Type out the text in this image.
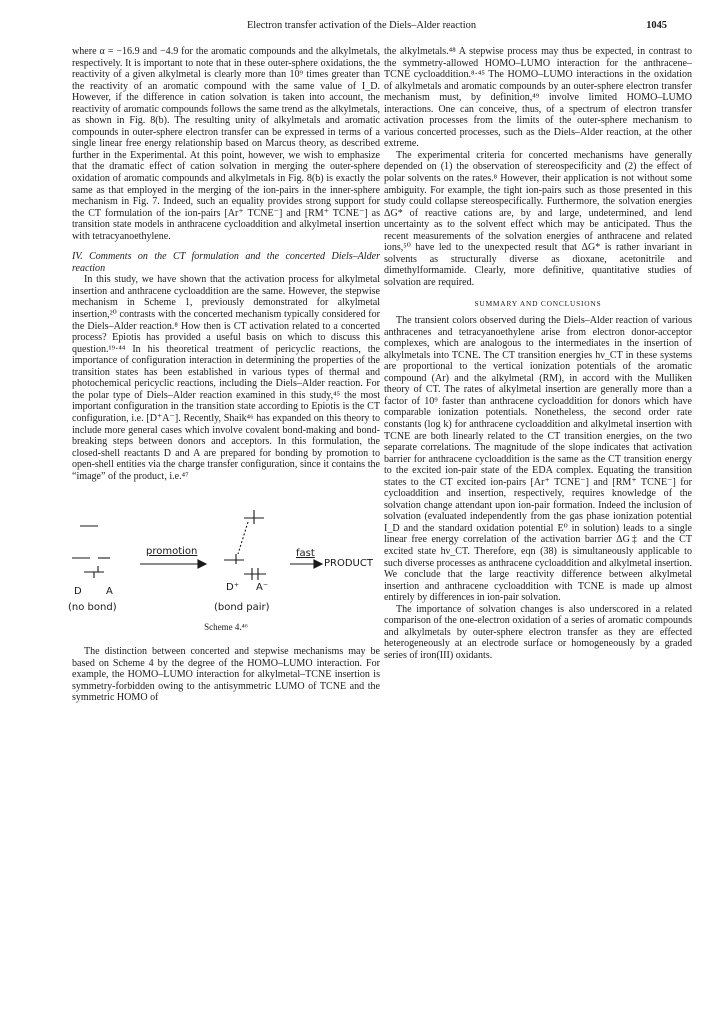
Electron transfer activation of the Diels–Alder reaction	1045

where α = −16.9 and −4.9 for the aromatic compounds and the alkylmetals, respectively. It is important to note that in these outer-sphere oxidations, the reactivity of a given alkylmetal is clearly more than 10⁹ times greater than the reactivity of an aromatic compound with the same value of I_D. However, if the difference in cation solvation is taken into account, the reactivity of aromatic compounds follows the same trend as the alkylmetals, as shown in Fig. 8(b). The resulting unity of alkylmetals and aromatic compounds in outer-sphere electron transfer can be expressed in terms of a single linear free energy relationship based on Marcus theory, as described further in the Experimental. At this point, however, we wish to emphasize that the dramatic effect of cation solvation in merging the outer-sphere oxidation of aromatic compounds and alkylmetals in Fig. 8(b) is exactly the same as that employed in the merging of the ion-pairs in the inner-sphere mechanism in Fig. 7. Indeed, such an equality provides strong support for the CT formulation of the ion-pairs [Ar⁺ TCNE⁻] and [RM⁺ TCNE⁻] as transition state models in anthracene cycloaddition and alkylmetal insertion with tetracyanoethylene.

IV. Comments on the CT formulation and the concerted Diels–Alder reaction

In this study, we have shown that the activation process for alkylmetal insertion and anthracene cycloaddition are the same. However, the stepwise mechanism in Scheme 1, previously demonstrated for alkylmetal insertion,²⁰ contrasts with the concerted mechanism typically considered for the Diels–Alder reaction.⁸ How then is CT activation related to a concerted process? Epiotis has provided a useful basis on which to discuss this question.¹⁹·⁴⁴ In his theoretical treatment of pericyclic reactions, the importance of configuration interaction in determining the properties of the transition states has been established in various types of thermal and photochemical pericyclic reactions, including the Diels–Alder reaction. For the polar type of Diels–Alder reaction examined in this study,⁴⁵ the most important configuration in the transition state according to Epiotis is the CT configuration, i.e. [D⁺A⁻]. Recently, Shaik⁴⁶ has expanded on this theory to include more general cases which involve covalent bond-making and bond-breaking steps between donors and acceptors. In this formulation, the closed-shell reactants D and A are prepared for bonding by promotion to open-shell entities via the charge transfer configuration, since it contains the “image” of the product, i.e.⁴⁷

promotion	fast
PRODUCT
D A	D⁺ A⁻
(no bond)	(bond pair)
Scheme 4.⁴⁶

The distinction between concerted and stepwise mechanisms may be based on Scheme 4 by the degree of the HOMO–LUMO interaction. For example, the HOMO–LUMO interaction for alkylmetal–TCNE insertion is symmetry-forbidden owing to the antisymmetric LUMO of TCNE and the symmetric HOMO of

the alkylmetals.⁴⁸ A stepwise process may thus be expected, in contrast to the symmetry-allowed HOMO–LUMO interaction for the anthracene–TCNE cycloaddition.⁸·⁴⁵ The HOMO–LUMO interactions in the oxidation of alkylmetals and aromatic compounds by an outer-sphere electron transfer mechanism must, by definition,⁴⁹ involve limited HOMO–LUMO interactions. One can conceive, thus, of a spectrum of electron transfer activation processes from the limits of the outer-sphere mechanism to various concerted processes, such as the Diels–Alder reaction, at the other extreme.

The experimental criteria for concerted mechanisms have generally depended on (1) the observation of stereospecificity and (2) the effect of polar solvents on the rates.⁸ However, their application is not without some ambiguity. For example, the tight ion-pairs such as those presented in this study could collapse stereospecifically. Furthermore, the solvation energies ΔG* of reactive cations are, by and large, undetermined, and lend uncertainty as to the solvent effect which may be anticipated. Thus the recent measurements of the solvation energies of anthracene and related ions,⁵⁰ have led to the unexpected result that ΔG* is rather invariant in solvents as structurally diverse as dioxane, acetonitrile and dimethylformamide. Clearly, more definitive, quantitative studies of solvation are required.

SUMMARY AND CONCLUSIONS

The transient colors observed during the Diels–Alder reaction of various anthracenes and tetracyanoethylene arise from electron donor-acceptor complexes, which are analogous to the intermediates in the insertion of alkylmetals into TCNE. The CT transition energies hν_CT in these systems are proportional to the vertical ionization potentials of the aromatic compound (Ar) and the alkylmetal (RM), in accord with the Mulliken theory of CT. The rates of alkylmetal insertion are generally more than a factor of 10⁹ faster than anthracene cycloaddition for donors which have comparable ionization potentials. Nonetheless, the second order rate constants (log k) for anthracene cycloaddition and alkylmetal insertion with TCNE are both linearly related to the CT transition energies, on the two separate correlations. The magnitude of the slope indicates that activation barrier for anthracene cycloaddition is the same as the CT transition energy to the excited ion-pair state of the EDA complex. Equating the transition states to the CT excited ion-pairs [Ar⁺ TCNE⁻] and [RM⁺ TCNE⁻] for cycloaddition and insertion, respectively, requires knowledge of the solvation change attendant upon ion-pair formation. Indeed the inclusion of solvation (evaluated independently from the gas phase ionization potential I_D and the standard oxidation potential E⁰ in solution) leads to a single linear free energy correlation of the activation barrier ΔG‡ and the CT excited state hν_CT. Therefore, eqn (38) is simultaneously applicable to such diverse processes as anthracene cycloaddition and alkylmetal insertion. We conclude that the large reactivity difference between alkylmetal insertion and anthracene cycloaddition with TCNE is made up almost entirely by differences in ion-pair solvation.

The importance of solvation changes is also underscored in a related comparison of the one-electron oxidation of a series of aromatic compounds and alkylmetals by outer-sphere electron transfer as they are effected heterogeneously at an electrode surface or homogeneously by a graded series of iron(III) oxidants.
